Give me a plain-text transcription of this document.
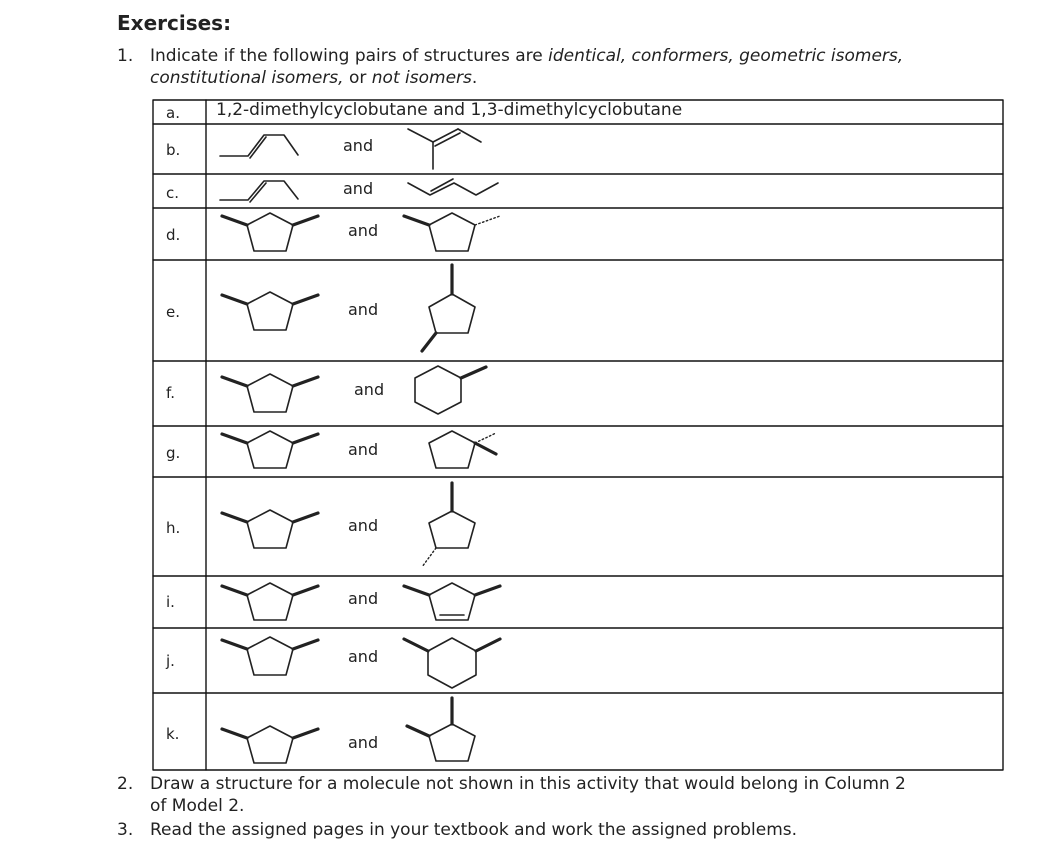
Exercises:
1. Indicate if the following pairs of structures are identical, conformers, geometric isomers,
constitutional isomers, or not isomers.
a. 1,2-dimethylcyclobutane and 1,3-dimethylcyclobutane
b.	and
c.	and
d.	and
e.	and
f.	and
g.	and
h.	and
i.	and
j.	and
k.	and
2. Draw a structure for a molecule not shown in this activity that would belong in Column 2
of Model 2.
3. Read the assigned pages in your textbook and work the assigned problems.
